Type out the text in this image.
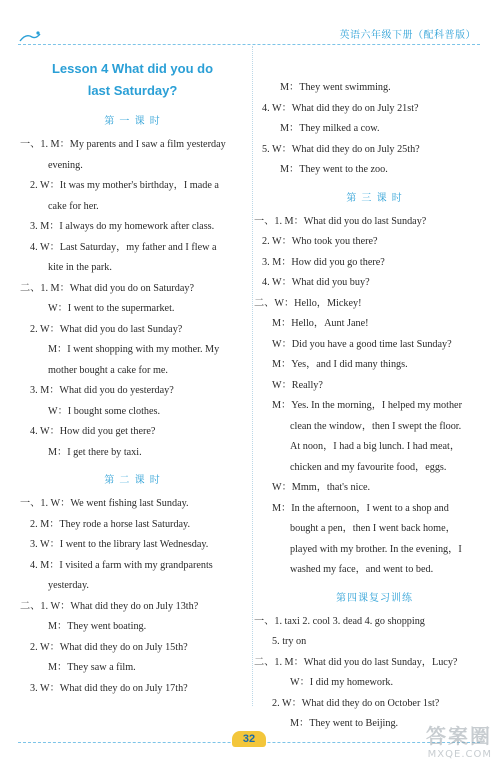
英语六年级下册（配科普版）
Lesson 4 What did you do
last Saturday?
第 一 课 时
一、1. M：My parents and I saw a film yesterday
evening.
2. W：It was my mother's birthday，I made a
cake for her.
3. M：I always do my homework after class.
4. W：Last Saturday，my father and I flew a
kite in the park.
二、1. M：What did you do on Saturday?
W：I went to the supermarket.
2. W：What did you do last Sunday?
M：I went shopping with my mother. My
mother bought a cake for me.
3. M：What did you do yesterday?
W：I bought some clothes.
4. W：How did you get there?
M：I get there by taxi.
第 二 课 时
一、1. W：We went fishing last Sunday.
2. M：They rode a horse last Saturday.
3. W：I went to the library last Wednesday.
4. M：I visited a farm with my grandparents
yesterday.
二、1. W：What did they do on July 13th?
M：They went boating.
2. W：What did they do on July 15th?
M：They saw a film.
3. W：What did they do on July 17th?
M：They went swimming.
4. W：What did they do on July 21st?
M：They milked a cow.
5. W：What did they do on July 25th?
M：They went to the zoo.
第 三 课 时
一、1. M：What did you do last Sunday?
2. W：Who took you there?
3. M：How did you go there?
4. W：What did you buy?
二、W：Hello，Mickey!
M：Hello，Aunt Jane!
W：Did you have a good time last Sunday?
M：Yes，and I did many things.
W：Really?
M：Yes. In the morning，I helped my mother
clean the window，then I swept the floor.
At noon，I had a big lunch. I had meat，
chicken and my favourite food，eggs.
W：Mmm，that's nice.
M：In the afternoon，I went to a shop and
bought a pen，then I went back home，
played with my brother. In the evening，I
washed my face，and went to bed.
第四课复习训练
一、1. taxi 2. cool 3. dead 4. go shopping
5. try on
二、1. M：What did you do last Sunday，Lucy?
W：I did my homework.
2. W：What did they do on October 1st?
M：They went to Beijing.
32	答案圈
MXQE.COM
